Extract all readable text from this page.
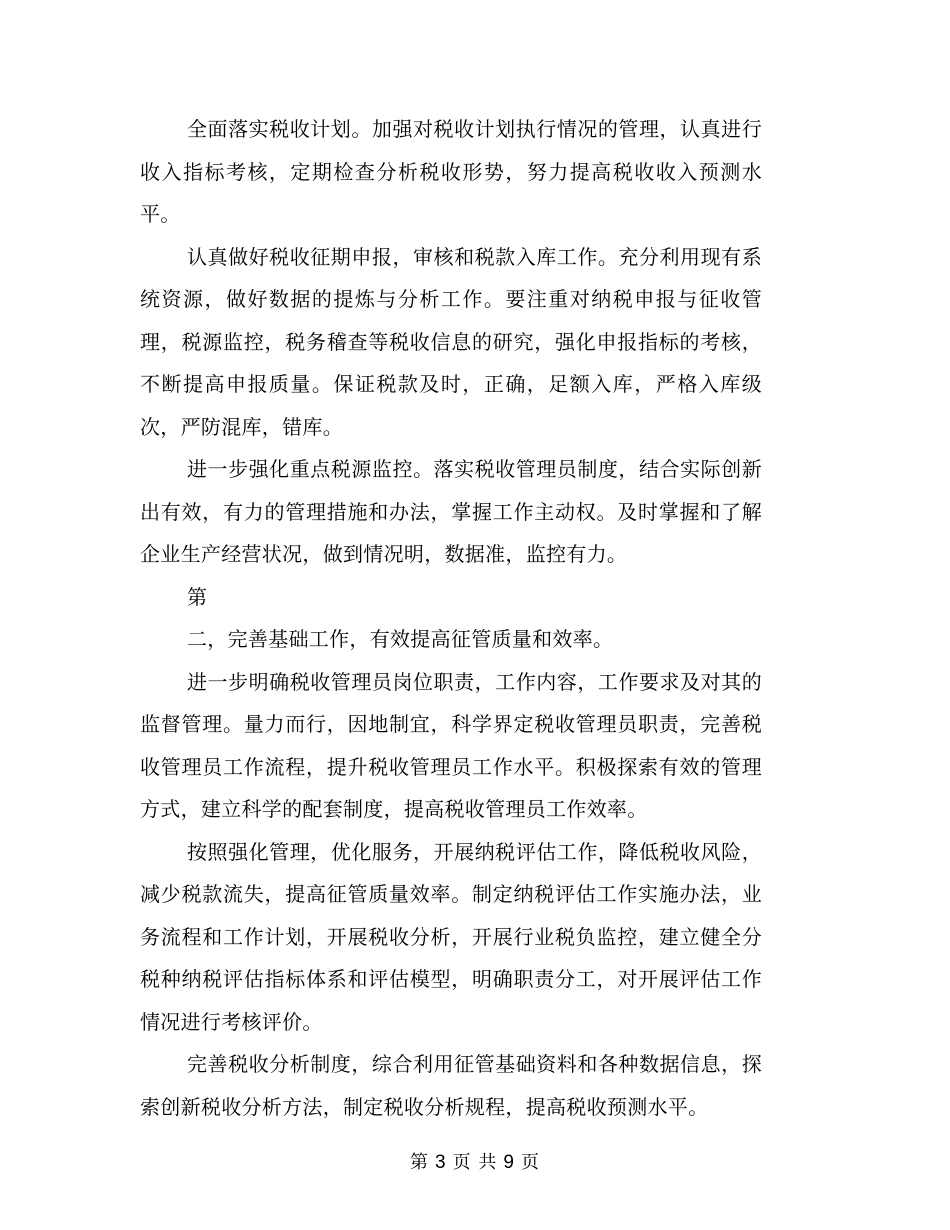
全面落实税收计划。加强对税收计划执行情况的管理，认真进行收入指标考核，定期检查分析税收形势，努力提高税收收入预测水平。

认真做好税收征期申报，审核和税款入库工作。充分利用现有系统资源，做好数据的提炼与分析工作。要注重对纳税申报与征收管理，税源监控，税务稽查等税收信息的研究，强化申报指标的考核，不断提高申报质量。保证税款及时，正确，足额入库，严格入库级次，严防混库，错库。

进一步强化重点税源监控。落实税收管理员制度，结合实际创新出有效，有力的管理措施和办法，掌握工作主动权。及时掌握和了解企业生产经营状况，做到情况明，数据准，监控有力。

第

二，完善基础工作，有效提高征管质量和效率。

进一步明确税收管理员岗位职责，工作内容，工作要求及对其的监督管理。量力而行，因地制宜，科学界定税收管理员职责，完善税收管理员工作流程，提升税收管理员工作水平。积极探索有效的管理方式，建立科学的配套制度，提高税收管理员工作效率。

按照强化管理，优化服务，开展纳税评估工作，降低税收风险，减少税款流失，提高征管质量效率。制定纳税评估工作实施办法，业务流程和工作计划，开展税收分析，开展行业税负监控，建立健全分税种纳税评估指标体系和评估模型，明确职责分工，对开展评估工作情况进行考核评价。

完善税收分析制度，综合利用征管基础资料和各种数据信息，探索创新税收分析方法，制定税收分析规程，提高税收预测水平。

第 3 页 共 9 页
